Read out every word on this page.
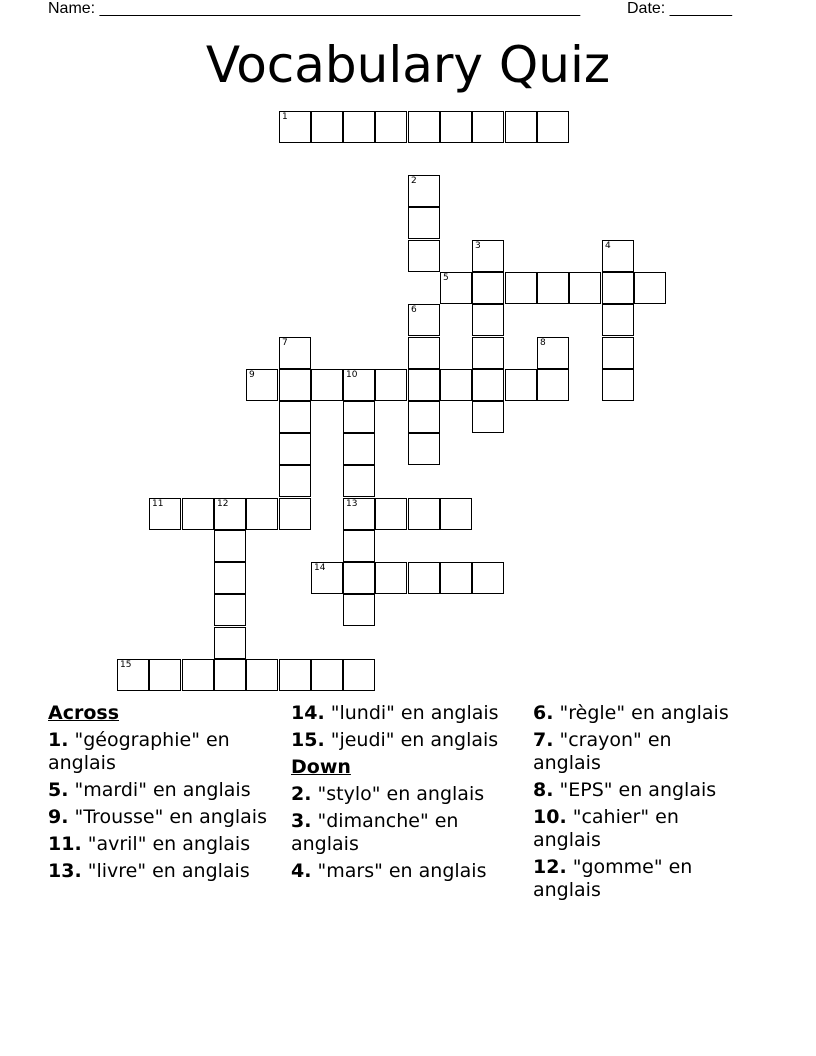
Name: ______________________________________________________	Date: _______
Vocabulary Quiz
1
2
3	4
5
6
7	8
9	10
11	12	13
14
15
Across
1. "géographie" en anglais
5. "mardi" en anglais
9. "Trousse" en anglais
11. "avril" en anglais
13. "livre" en anglais
14. "lundi" en anglais
15. "jeudi" en anglais
Down
2. "stylo" en anglais
3. "dimanche" en anglais
4. "mars" en anglais
6. "règle" en anglais
7. "crayon" en anglais
8. "EPS" en anglais
10. "cahier" en anglais
12. "gomme" en anglais
